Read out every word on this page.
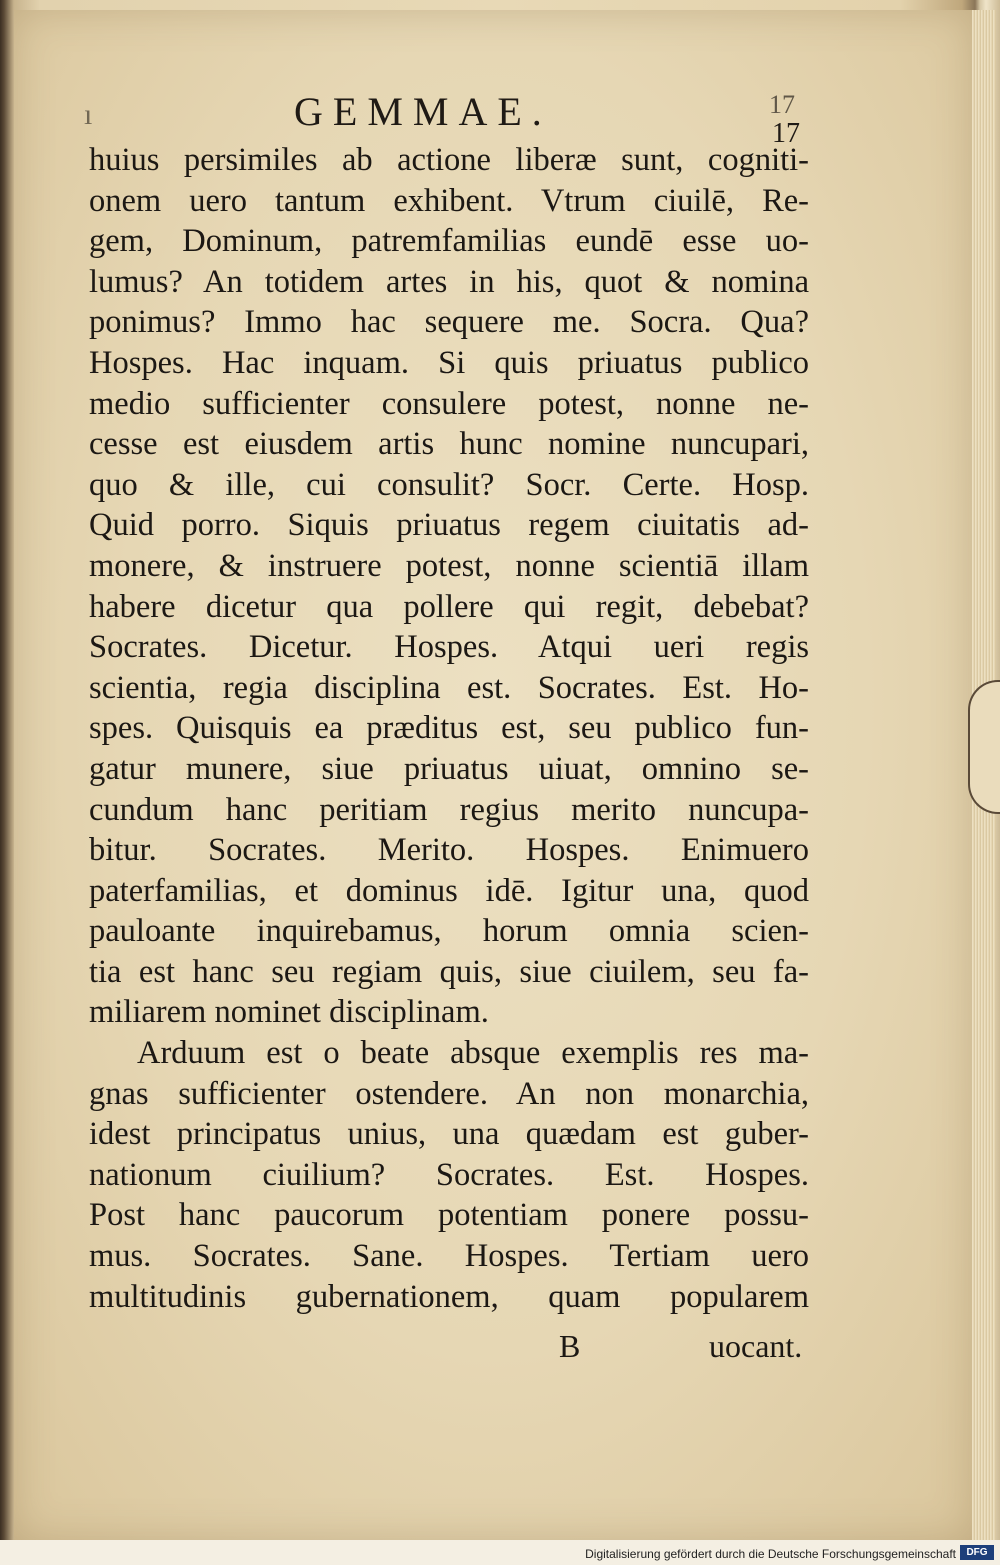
ı	GEMMAE.	17
17
huius persimiles ab actione liberæ sunt, cogniti-
onem uero tantum exhibent. Vtrum ciuilē, Re-
gem, Dominum, patremfamilias eundē esse uo-
lumus? An totidem artes in his, quot & nomina
ponimus? Immo hac sequere me. Socra. Qua?
Hospes. Hac inquam. Si quis priuatus publico
medio sufficienter consulere potest, nonne ne-
cesse est eiusdem artis hunc nomine nuncupari,
quo & ille, cui consulit? Socr. Certe. Hosp.
Quid porro. Siquis priuatus regem ciuitatis ad-
monere, & instruere potest, nonne scientiā illam
habere dicetur qua pollere qui regit, debebat?
Socrates. Dicetur. Hospes. Atqui ueri regis
scientia, regia disciplina est. Socrates. Est. Ho-
spes. Quisquis ea præditus est, seu publico fun-
gatur munere, siue priuatus uiuat, omnino se-
cundum hanc peritiam regius merito nuncupa-
bitur. Socrates. Merito. Hospes. Enimuero
paterfamilias, et dominus idē. Igitur una, quod
pauloante inquirebamus, horum omnia scien-
tia est hanc seu regiam quis, siue ciuilem, seu fa-
miliarem nominet disciplinam.
Arduum est o beate absque exemplis res ma-
gnas sufficienter ostendere. An non monarchia,
idest principatus unius, una quædam est guber-
nationum ciuilium? Socrates. Est. Hospes.
Post hanc paucorum potentiam ponere possu-
mus. Socrates. Sane. Hospes. Tertiam uero
multitudinis gubernationem, quam popularem
B	uocant.
Digitalisierung gefördert durch die Deutsche Forschungsgemeinschaft	DFG
